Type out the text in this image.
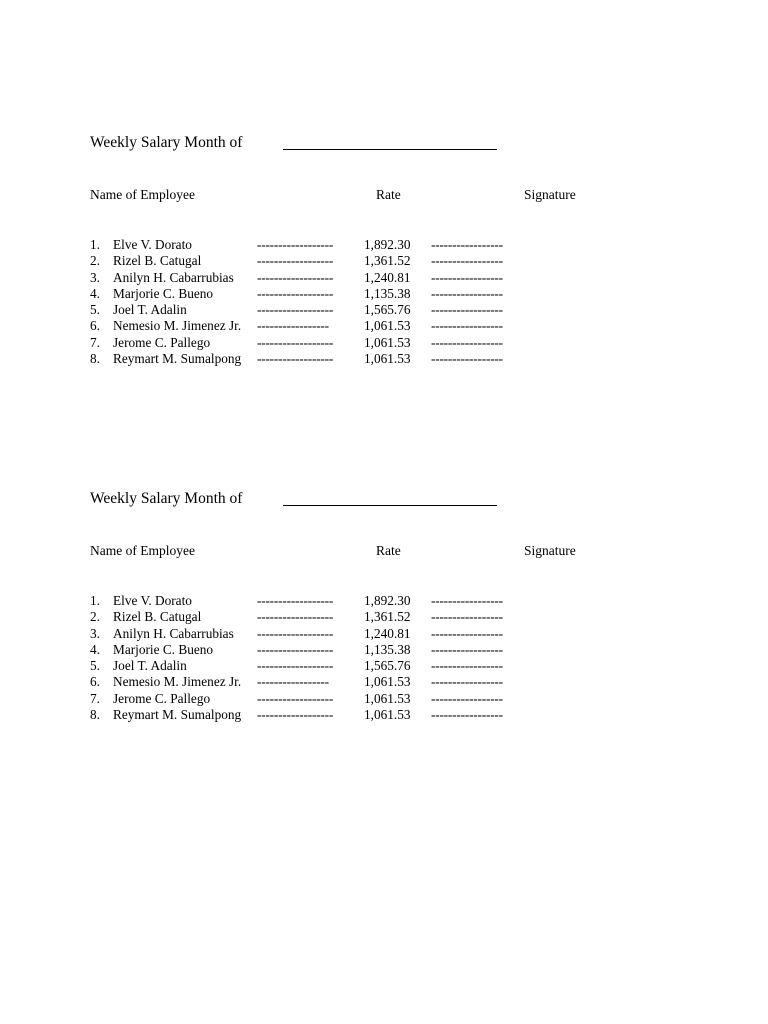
Weekly Salary Month of
Name of Employee	Rate	Signature
1. Elve V. Dorato	------------------ 1,892.30 -----------------
2. Rizel B. Catugal	------------------ 1,361.52 -----------------
3. Anilyn H. Cabarrubias ------------------ 1,240.81 -----------------
4. Marjorie C. Bueno	------------------ 1,135.38 -----------------
5. Joel T. Adalin	------------------ 1,565.76 -----------------
6. Nemesio M. Jimenez Jr. -----------------	1,061.53 -----------------
7. Jerome C. Pallego	------------------ 1,061.53 -----------------
8. Reymart M. Sumalpong ------------------ 1,061.53 -----------------
Weekly Salary Month of
Name of Employee	Rate	Signature
1. Elve V. Dorato	------------------ 1,892.30 -----------------
2. Rizel B. Catugal	------------------ 1,361.52 -----------------
3. Anilyn H. Cabarrubias ------------------ 1,240.81 -----------------
4. Marjorie C. Bueno	------------------ 1,135.38 -----------------
5. Joel T. Adalin	------------------ 1,565.76 -----------------
6. Nemesio M. Jimenez Jr. -----------------	1,061.53 -----------------
7. Jerome C. Pallego	------------------ 1,061.53 -----------------
8. Reymart M. Sumalpong ------------------ 1,061.53 -----------------
